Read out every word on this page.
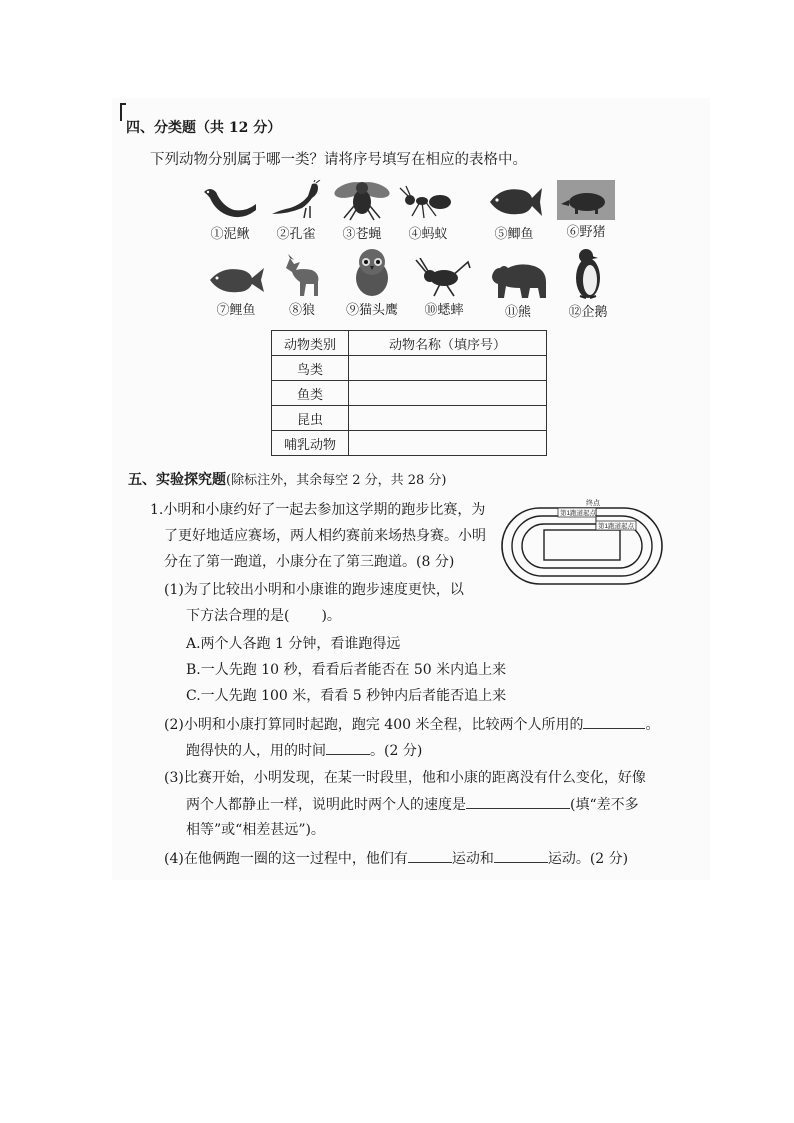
四、分类题（共 12 分）
下列动物分别属于哪一类？请将序号填写在相应的表格中。
①泥鳅	②孔雀	③苍蝇	④蚂蚁	⑤鲫鱼	⑥野猪
⑦鲤鱼	⑧狼	⑨猫头鹰	⑩蟋蟀	⑪熊	⑫企鹅
动物类别	动物名称（填序号）
鸟类	
鱼类	
昆虫	
哺乳动物	
五、实验探究题(除标注外，其余每空 2 分，共 28 分)
1.小明和小康约好了一起去参加这学期的跑步比赛，为
了更好地适应赛场，两人相约赛前来场热身赛。小明
分在了第一跑道，小康分在了第三跑道。(8 分)
终点
第1跑道起点
第1跑道起点
(1)为了比较出小明和小康谁的跑步速度更快，以
下方法合理的是( )。
A.两个人各跑 1 分钟，看谁跑得远
B.一人先跑 10 秒，看看后者能否在 50 米内追上来
C.一人先跑 100 米，看看 5 秒钟内后者能否追上来
(2)小明和小康打算同时起跑，跑完 400 米全程，比较两个人所用的	。
跑得快的人，用的时间	。(2 分)
(3)比赛开始，小明发现，在某一时段里，他和小康的距离没有什么变化，好像
两个人都静止一样，说明此时两个人的速度是	(填“差不多
相等”或“相差甚远”)。
(4)在他俩跑一圈的这一过程中，他们有	运动和	运动。(2 分)
